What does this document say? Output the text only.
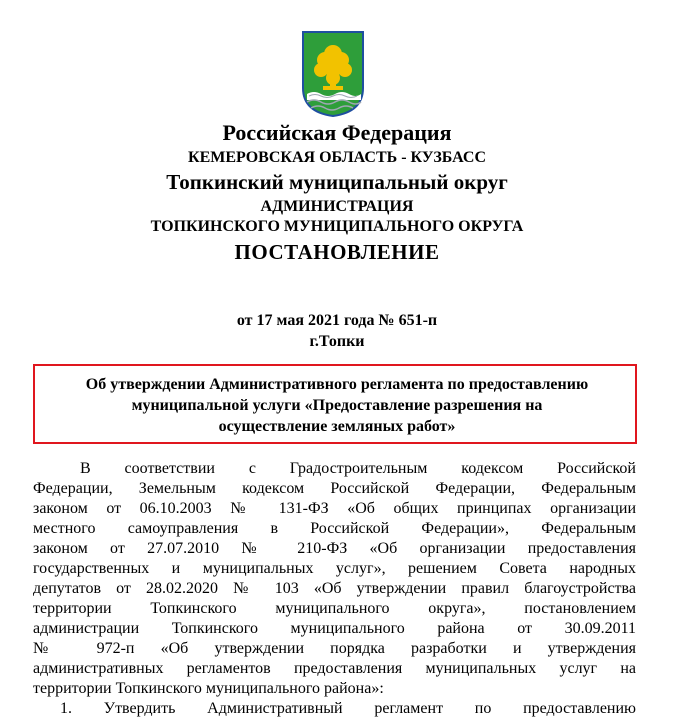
Российская Федерация
КЕМЕРОВСКАЯ ОБЛАСТЬ - КУЗБАСС
Топкинский муниципальный округ
АДМИНИСТРАЦИЯ
ТОПКИНСКОГО МУНИЦИПАЛЬНОГО ОКРУГА
ПОСТАНОВЛЕНИЕ
от 17 мая 2021 года № 651-п
г.Топки
Об утверждении Административного регламента по предоставлению
муниципальной услуги «Предоставление разрешения на
осуществление земляных работ»
В соответствии с Градостроительным кодексом Российской
Федерации, Земельным кодексом Российской Федерации, Федеральным
законом от 06.10.2003 № 131-ФЗ «Об общих принципах организации
местного самоуправления в Российской Федерации», Федеральным
законом от 27.07.2010 № 210-ФЗ «Об организации предоставления
государственных и муниципальных услуг», решением Совета народных
депутатов от 28.02.2020 № 103 «Об утверждении правил благоустройства
территории Топкинского муниципального округа», постановлением
администрации Топкинского муниципального района от 30.09.2011
№ 972-п «Об утверждении порядка разработки и утверждения
административных регламентов предоставления муниципальных услуг на
территории Топкинского муниципального района»:
1. Утвердить Административный регламент по предоставлению
